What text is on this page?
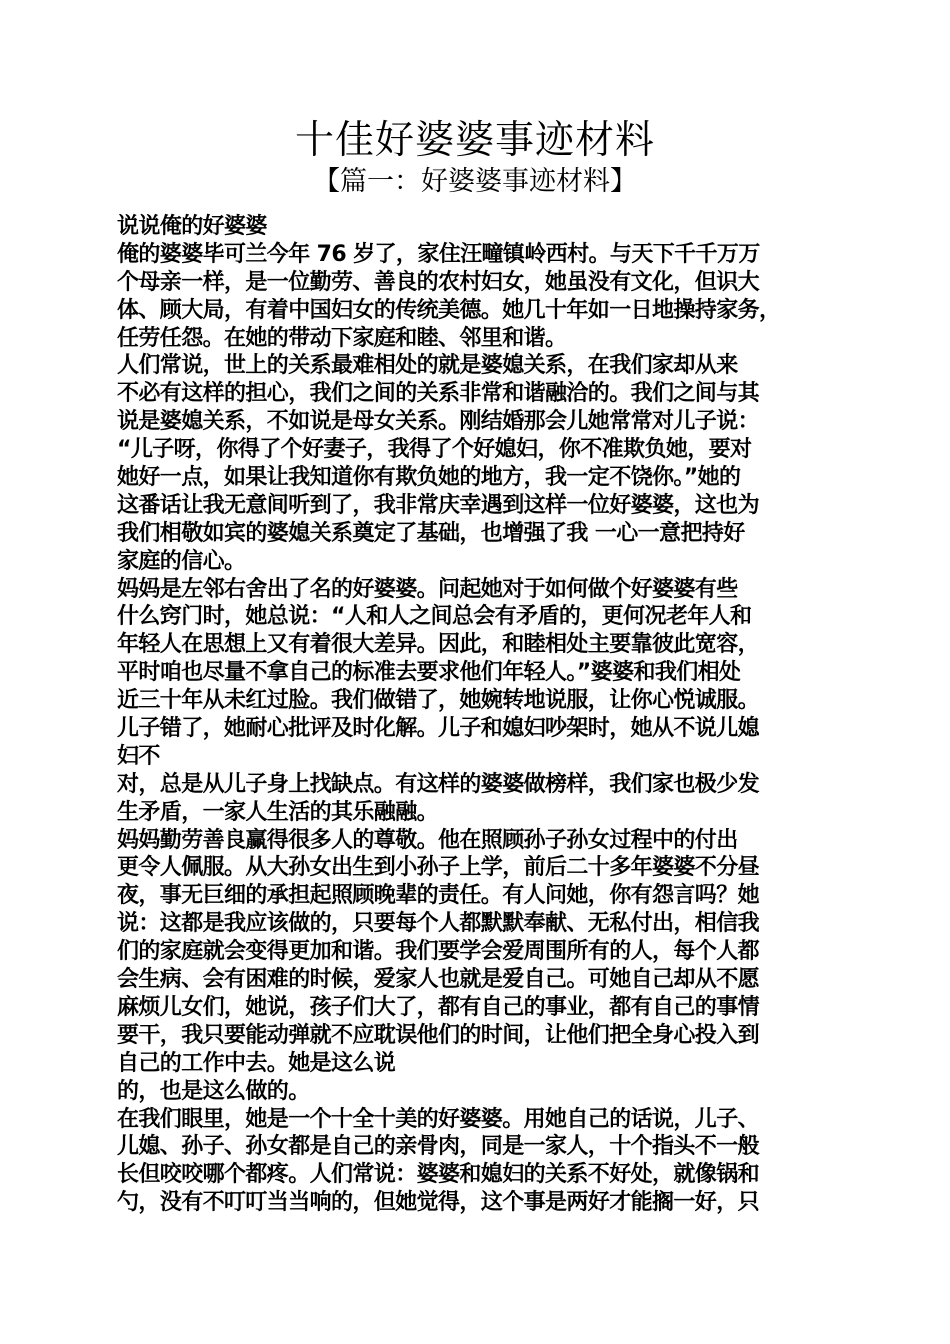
十佳好婆婆事迹材料
【篇一：好婆婆事迹材料】
说说俺的好婆婆
俺的婆婆毕可兰今年 76 岁了，家住汪疃镇岭西村。与天下千千万万
个母亲一样，是一位勤劳、善良的农村妇女，她虽没有文化，但识大
体、顾大局，有着中国妇女的传统美德。她几十年如一日地操持家务，
任劳任怨。在她的带动下家庭和睦、邻里和谐。
人们常说，世上的关系最难相处的就是婆媳关系，在我们家却从来
不必有这样的担心，我们之间的关系非常和谐融洽的。我们之间与其
说是婆媳关系，不如说是母女关系。刚结婚那会儿她常常对儿子说：
“儿子呀，你得了个好妻子，我得了个好媳妇，你不准欺负她，要对
她好一点，如果让我知道你有欺负她的地方，我一定不饶你。”她的
这番话让我无意间听到了，我非常庆幸遇到这样一位好婆婆，这也为
我们相敬如宾的婆媳关系奠定了基础，也增强了我 一心一意把持好
家庭的信心。
妈妈是左邻右舍出了名的好婆婆。问起她对于如何做个好婆婆有些
什么窍门时，她总说：“人和人之间总会有矛盾的，更何况老年人和
年轻人在思想上又有着很大差异。因此，和睦相处主要靠彼此宽容，
平时咱也尽量不拿自己的标准去要求他们年轻人。”婆婆和我们相处
近三十年从未红过脸。我们做错了，她婉转地说服，让你心悦诚服。
儿子错了，她耐心批评及时化解。儿子和媳妇吵架时，她从不说儿媳
妇不
对，总是从儿子身上找缺点。有这样的婆婆做榜样，我们家也极少发
生矛盾，一家人生活的其乐融融。
妈妈勤劳善良赢得很多人的尊敬。他在照顾孙子孙女过程中的付出
更令人佩服。从大孙女出生到小孙子上学，前后二十多年婆婆不分昼
夜，事无巨细的承担起照顾晚辈的责任。有人问她，你有怨言吗？她
说：这都是我应该做的，只要每个人都默默奉献、无私付出，相信我
们的家庭就会变得更加和谐。我们要学会爱周围所有的人，每个人都
会生病、会有困难的时候，爱家人也就是爱自己。可她自己却从不愿
麻烦儿女们，她说，孩子们大了，都有自己的事业，都有自己的事情
要干，我只要能动弹就不应耽误他们的时间，让他们把全身心投入到
自己的工作中去。她是这么说
的，也是这么做的。
在我们眼里，她是一个十全十美的好婆婆。用她自己的话说，儿子、
儿媳、孙子、孙女都是自己的亲骨肉，同是一家人，十个指头不一般
长但咬咬哪个都疼。人们常说：婆婆和媳妇的关系不好处，就像锅和
勺，没有不叮叮当当响的，但她觉得，这个事是两好才能搁一好，只
